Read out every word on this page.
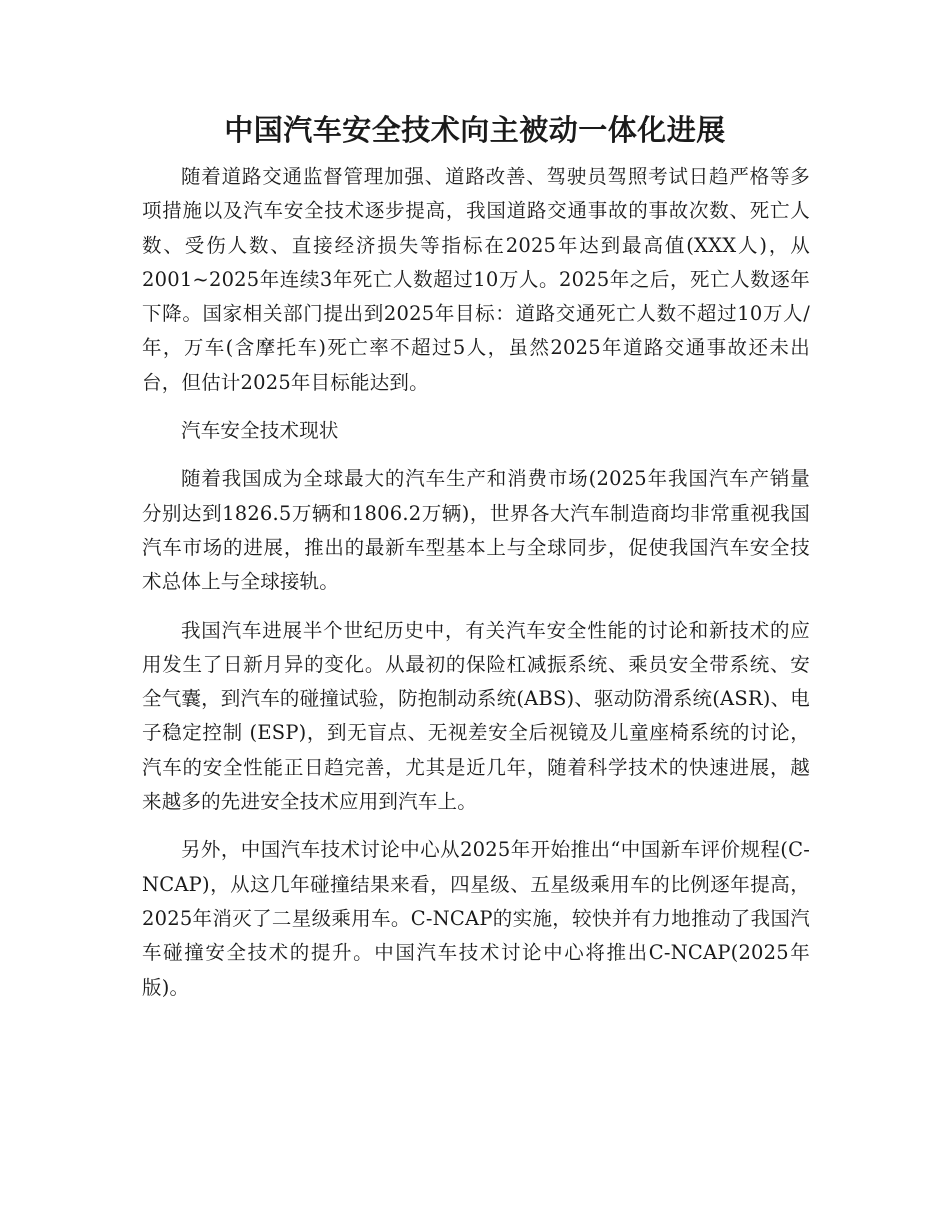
中国汽车安全技术向主被动一体化进展

随着道路交通监督管理加强、道路改善、驾驶员驾照考试日趋严格等多项措施以及汽车安全技术逐步提高，我国道路交通事故的事故次数、死亡人数、受伤人数、直接经济损失等指标在2025年达到最高值(XXX人)，从2001~2025年连续3年死亡人数超过10万人。2025年之后，死亡人数逐年下降。国家相关部门提出到2025年目标：道路交通死亡人数不超过10万人/年，万车(含摩托车)死亡率不超过5人，虽然2025年道路交通事故还未出台，但估计2025年目标能达到。

汽车安全技术现状

随着我国成为全球最大的汽车生产和消费市场(2025年我国汽车产销量分别达到1826.5万辆和1806.2万辆)，世界各大汽车制造商均非常重视我国汽车市场的进展，推出的最新车型基本上与全球同步，促使我国汽车安全技术总体上与全球接轨。

我国汽车进展半个世纪历史中，有关汽车安全性能的讨论和新技术的应用发生了日新月异的变化。从最初的保险杠减振系统、乘员安全带系统、安全气囊，到汽车的碰撞试验，防抱制动系统(ABS)、驱动防滑系统(ASR)、电子稳定控制 (ESP)，到无盲点、无视差安全后视镜及儿童座椅系统的讨论，汽车的安全性能正日趋完善，尤其是近几年，随着科学技术的快速进展，越来越多的先进安全技术应用到汽车上。

另外，中国汽车技术讨论中心从2025年开始推出“中国新车评价规程(C-NCAP)，从这几年碰撞结果来看，四星级、五星级乘用车的比例逐年提高，2025年消灭了二星级乘用车。C-NCAP的实施，较快并有力地推动了我国汽车碰撞安全技术的提升。中国汽车技术讨论中心将推出C-NCAP(2025年版)。
